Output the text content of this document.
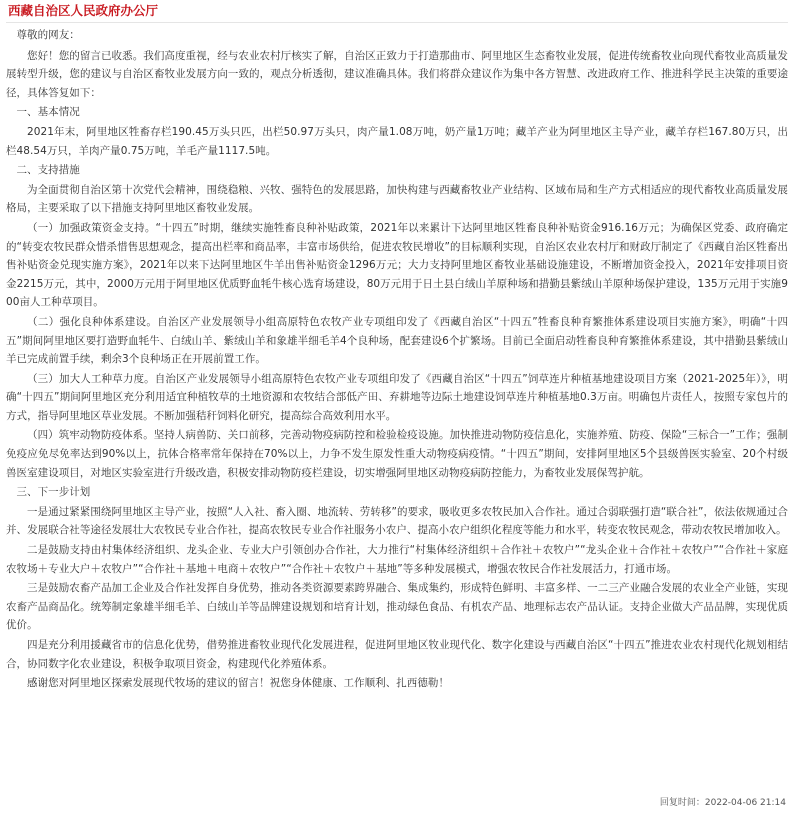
西藏自治区人民政府办公厅

尊敬的网友：

您好！您的留言已收悉。我们高度重视，经与农业农村厅核实了解，自治区正致力于打造那曲市、阿里地区生态畜牧业发展，促进传统畜牧业向现代畜牧业高质量发展转型升级，您的建议与自治区畜牧业发展方向一致的，观点分析透彻，建议准确具体。我们将群众建议作为集中各方智慧、改进政府工作、推进科学民主决策的重要途径，具体答复如下：

一、基本情况

2021年末，阿里地区牲畜存栏190.45万头只匹，出栏50.97万头只，肉产量1.08万吨，奶产量1万吨；藏羊产业为阿里地区主导产业，藏羊存栏167.80万只，出栏48.54万只，羊肉产量0.75万吨，羊毛产量1117.5吨。

二、支持措施

为全面贯彻自治区第十次党代会精神，围绕稳粮、兴牧、强特色的发展思路，加快构建与西藏畜牧业产业结构、区域布局和生产方式相适应的现代畜牧业高质量发展格局，主要采取了以下措施支持阿里地区畜牧业发展。

（一）加强政策资金支持。“十四五”时期，继续实施牲畜良种补贴政策，2021年以来累计下达阿里地区牲畜良种补贴资金916.16万元；为确保区党委、政府确定的“转变农牧民群众惜杀惜售思想观念，提高出栏率和商品率，丰富市场供给，促进农牧民增收”的目标顺利实现，自治区农业农村厅和财政厅制定了《西藏自治区牲畜出售补贴资金兑现实施方案》，2021年以来下达阿里地区牛羊出售补贴资金1296万元；大力支持阿里地区畜牧业基础设施建设，不断增加资金投入，2021年安排项目资金2215万元，其中，2000万元用于阿里地区优质野血牦牛核心选育场建设，80万元用于日土县白绒山羊原种场和措勤县紫绒山羊原种场保护建设，135万元用于实施900亩人工种草项目。

（二）强化良种体系建设。自治区产业发展领导小组高原特色农牧产业专项组印发了《西藏自治区“十四五”牲畜良种育繁推体系建设项目实施方案》，明确“十四五”期间阿里地区要打造野血牦牛、白绒山羊、紫绒山羊和象雄半细毛羊4个良种场，配套建设6个扩繁场。目前已全面启动牲畜良种育繁推体系建设，其中措勤县紫绒山羊已完成前置手续，剩余3个良种场正在开展前置工作。

（三）加大人工种草力度。自治区产业发展领导小组高原特色农牧产业专项组印发了《西藏自治区“十四五”饲草连片种植基地建设项目方案（2021-2025年）》，明确“十四五”期间阿里地区充分利用适宜种植牧草的土地资源和农牧结合部低产田、弃耕地等边际土地建设饲草连片种植基地0.3万亩。明确包片责任人，按照专家包片的方式，指导阿里地区草业发展。不断加强秸秆饲料化研究，提高综合高效利用水平。

（四）筑牢动物防疫体系。坚持人病兽防、关口前移，完善动物疫病防控和检验检疫设施。加快推进动物防疫信息化，实施养殖、防疫、保险“三标合一”工作；强制免疫应免尽免率达到90%以上，抗体合格率常年保持在70%以上，力争不发生原发性重大动物疫病疫情。“十四五”期间，安排阿里地区5个县级兽医实验室、20个村级兽医室建设项目，对地区实验室进行升级改造，积极安排动物防疫栏建设，切实增强阿里地区动物疫病防控能力，为畜牧业发展保驾护航。

三、下一步计划

一是通过紧紧围绕阿里地区主导产业，按照“人入社、畜入圈、地流转、劳转移”的要求，吸收更多农牧民加入合作社。通过合弱联强打造“联合社”，依法依规通过合并、发展联合社等途径发展壮大农牧民专业合作社，提高农牧民专业合作社服务小农户、提高小农户组织化程度等能力和水平，转变农牧民观念，带动农牧民增加收入。

二是鼓励支持由村集体经济组织、龙头企业、专业大户引领创办合作社，大力推行“村集体经济组织＋合作社＋农牧户”“龙头企业＋合作社＋农牧户”“合作社＋家庭农牧场＋专业大户＋农牧户”“合作社＋基地＋电商＋农牧户”“合作社＋农牧户＋基地”等多种发展模式，增强农牧民合作社发展活力，打通市场。

三是鼓励农畜产品加工企业及合作社发挥自身优势，推动各类资源要素跨界融合、集成集约，形成特色鲜明、丰富多样、一二三产业融合发展的农业全产业链，实现农畜产品商品化。统筹制定象雄半细毛羊、白绒山羊等品牌建设规划和培育计划，推动绿色食品、有机农产品、地理标志农产品认证。支持企业做大产品品牌，实现优质优价。

四是充分利用援藏省市的信息化优势，借势推进畜牧业现代化发展进程，促进阿里地区牧业现代化、数字化建设与西藏自治区“十四五”推进农业农村现代化规划相结合，协同数字化农业建设，积极争取项目资金，构建现代化养殖体系。

感谢您对阿里地区探索发展现代牧场的建议的留言！祝您身体健康、工作顺利、扎西德勒！

回复时间：2022-04-06 21:14
